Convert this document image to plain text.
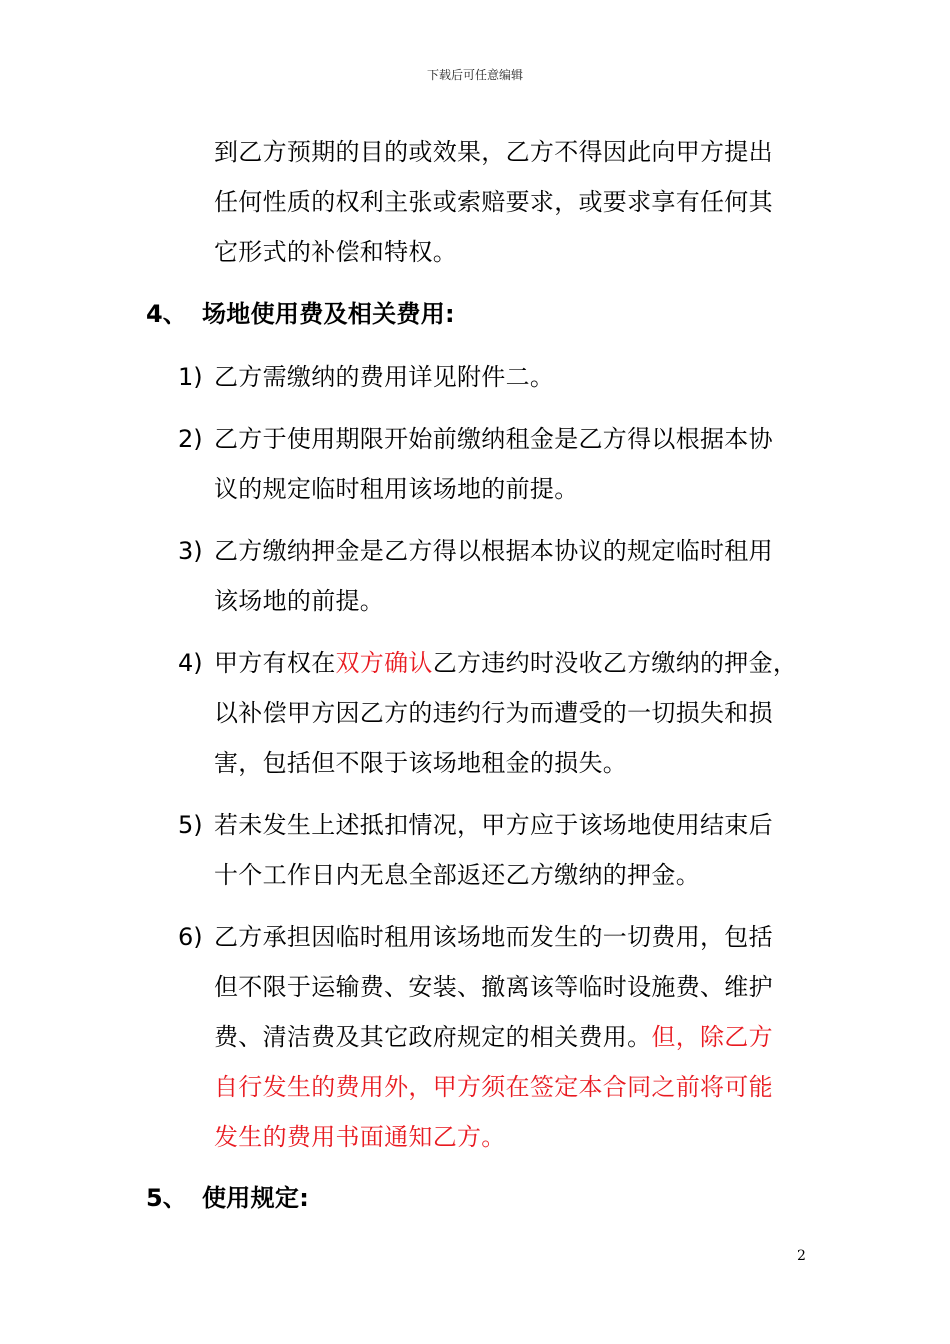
下载后可任意编辑
到乙方预期的目的或效果，乙方不得因此向甲方提出
任何性质的权利主张或索赔要求，或要求享有任何其
它形式的补偿和特权。
4、 场地使用费及相关费用:
1) 乙方需缴纳的费用详见附件二。
2) 乙方于使用期限开始前缴纳租金是乙方得以根据本协
议的规定临时租用该场地的前提。
3) 乙方缴纳押金是乙方得以根据本协议的规定临时租用
该场地的前提。
4) 甲方有权在双方确认乙方违约时没收乙方缴纳的押金，
以补偿甲方因乙方的违约行为而遭受的一切损失和损
害，包括但不限于该场地租金的损失。
5) 若未发生上述抵扣情况，甲方应于该场地使用结束后
十个工作日内无息全部返还乙方缴纳的押金。
6) 乙方承担因临时租用该场地而发生的一切费用，包括
但不限于运输费、安装、撤离该等临时设施费、维护
费、清洁费及其它政府规定的相关费用。但，除乙方
自行发生的费用外，甲方须在签定本合同之前将可能
发生的费用书面通知乙方。
5、 使用规定:
2
